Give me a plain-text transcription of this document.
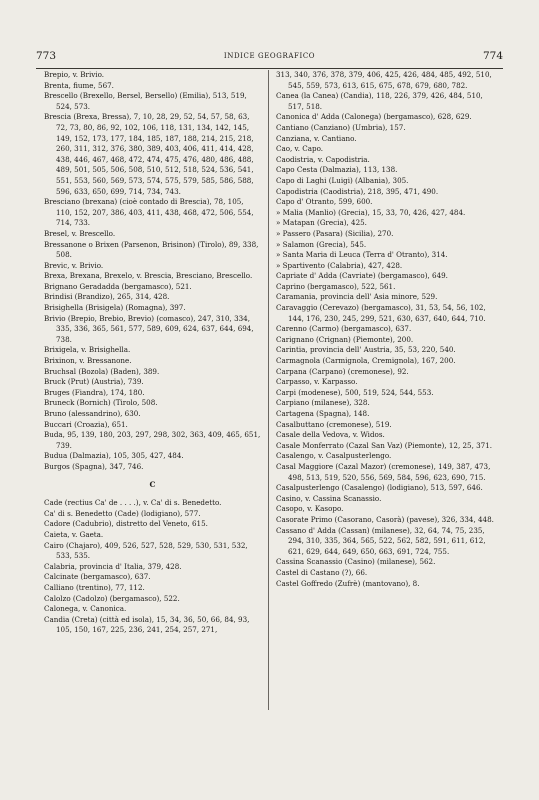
773	INDICE GEOGRAFICO	774

Brepio, v. Brivio.

Brenta, fiume, 567.

Brescello (Brexello, Bersel, Bersello) (Emilia), 513, 519, 524, 573.

Brescia (Brexa, Bressa), 7, 10, 28, 29, 52, 54, 57, 58, 63, 72, 73, 80, 86, 92, 102, 106, 118, 131, 134, 142, 145, 149, 152, 173, 177, 184, 185, 187, 188, 214, 215, 218, 260, 311, 312, 376, 380, 389, 403, 406, 411, 414, 428, 438, 446, 467, 468, 472, 474, 475, 476, 480, 486, 488, 489, 501, 505, 506, 508, 510, 512, 518, 524, 536, 541, 551, 553, 560, 569, 573, 574, 575, 579, 585, 586, 588, 596, 633, 650, 699, 714, 734, 743.

Bresciano (brexana) (cioè contado di Brescia), 78, 105, 110, 152, 207, 386, 403, 411, 438, 468, 472, 506, 554, 714, 733.

Bresel, v. Brescello.

Bressanone o Brixen (Parsenon, Brisinon) (Tirolo), 89, 338, 508.

Brevic, v. Brivio.

Brexa, Brexana, Brexelo, v. Brescia, Bresciano, Brescello.

Brignano Geradadda (bergamasco), 521.

Brindisi (Brandizo), 265, 314, 428.

Brisighella (Brisigela) (Romagna), 397.

Brivio (Brepio, Brebio, Brevio) (comasco), 247, 310, 334, 335, 336, 365, 561, 577, 589, 609, 624, 637, 644, 694, 738.

Brixigela, v. Brisighella.

Brixinon, v. Bressanone.

Bruchsal (Bozola) (Baden), 389.

Bruck (Prut) (Austria), 739.

Bruges (Fiandra), 174, 180.

Bruneck (Bornich) (Tirolo, 508.

Bruno (alessandrino), 630.

Buccari (Croazia), 651.

Buda, 95, 139, 180, 203, 297, 298, 302, 363, 409, 465, 651, 739.

Budua (Dalmazia), 105, 305, 427, 484.

Burgos (Spagna), 347, 746.

C

Cade (rectius Ca' de . . . .), v. Ca' di s. Benedetto.

Ca' di s. Benedetto (Cade) (lodigiano), 577.

Cadore (Cadubrio), distretto del Veneto, 615.

Caieta, v. Gaeta.

Cairo (Chajaro), 409, 526, 527, 528, 529, 530, 531, 532, 533, 535.

Calabria, provincia d' Italia, 379, 428.

Calcinate (bergamasco), 637.

Calliano (trentino), 77, 112.

Calolzo (Cadolzo) (bergamasco), 522.

Calonega, v. Canonica.

Candia (Creta) (città ed isola), 15, 34, 36, 50, 66, 84, 93, 105, 150, 167, 225, 236, 241, 254, 257, 271,

313, 340, 376, 378, 379, 406, 425, 426, 484, 485, 492, 510, 545, 559, 573, 613, 615, 675, 678, 679, 680, 782.

Canea (la Canea) (Candia), 118, 226, 379, 426, 484, 510, 517, 518.

Canonica d' Adda (Calonega) (bergamasco), 628, 629.

Cantiano (Canziano) (Umbria), 157.

Canziana, v. Cantiano.

Cao, v. Capo.

Caodistria, v. Capodistria.

Capo Cesta (Dalmazia), 113, 138.

Capo di Laghi (Luigi) (Albania), 305.

Capodistria (Caodistria), 218, 395, 471, 490.

Capo d' Otranto, 599, 600.

» Malia (Manlio) (Grecia), 15, 33, 70, 426, 427, 484.

» Matapan (Grecia), 425.

» Passero (Pasara) (Sicilia), 270.

» Salamon (Grecia), 545.

» Santa Maria di Leuca (Terra d' Otranto), 314.

» Spartivento (Calabria), 427, 428.

Capriate d' Adda (Cavriate) (bergamasco), 649.

Caprino (bergamasco), 522, 561.

Caramania, provincia dell' Asia minore, 529.

Caravaggio (Cerevazo) (bergamasco), 31, 53, 54, 56, 102, 144, 176, 230, 245, 299, 521, 630, 637, 640, 644, 710.

Carenno (Carmo) (bergamasco), 637.

Carignano (Crignan) (Piemonte), 200.

Carintia, provincia dell' Austria, 35, 53, 220, 540.

Carmagnola (Carmignola, Cremignola), 167, 200.

Carpana (Carpano) (cremonese), 92.

Carpasso, v. Karpasso.

Carpi (modenese), 500, 519, 524, 544, 553.

Carpiano (milanese), 328.

Cartagena (Spagna), 148.

Casalbuttano (cremonese), 519.

Casale della Vedova, v. Widos.

Casale Monferrato (Cazal San Vaz) (Piemonte), 12, 25, 371.

Casalengo, v. Casalpusterlengo.

Casal Maggiore (Cazal Mazor) (cremonese), 149, 387, 473, 498, 513, 519, 520, 556, 569, 584, 596, 623, 690, 715.

Casalpusterlengo (Casalengo) (lodigiano), 513, 597, 646.

Casino, v. Cassina Scanassio.

Casopo, v. Kasopo.

Casorate Primo (Casorano, Casorà) (pavese), 326, 334, 448.

Cassano d' Adda (Cassan) (milanese), 32, 64, 74, 75, 235, 294, 310, 335, 364, 565, 522, 562, 582, 591, 611, 612, 621, 629, 644, 649, 650, 663, 691, 724, 755.

Cassina Scanassio (Casino) (milanese), 562.

Castel di Castano (?), 66.

Castel Goffredo (Zufrè) (mantovano), 8.
